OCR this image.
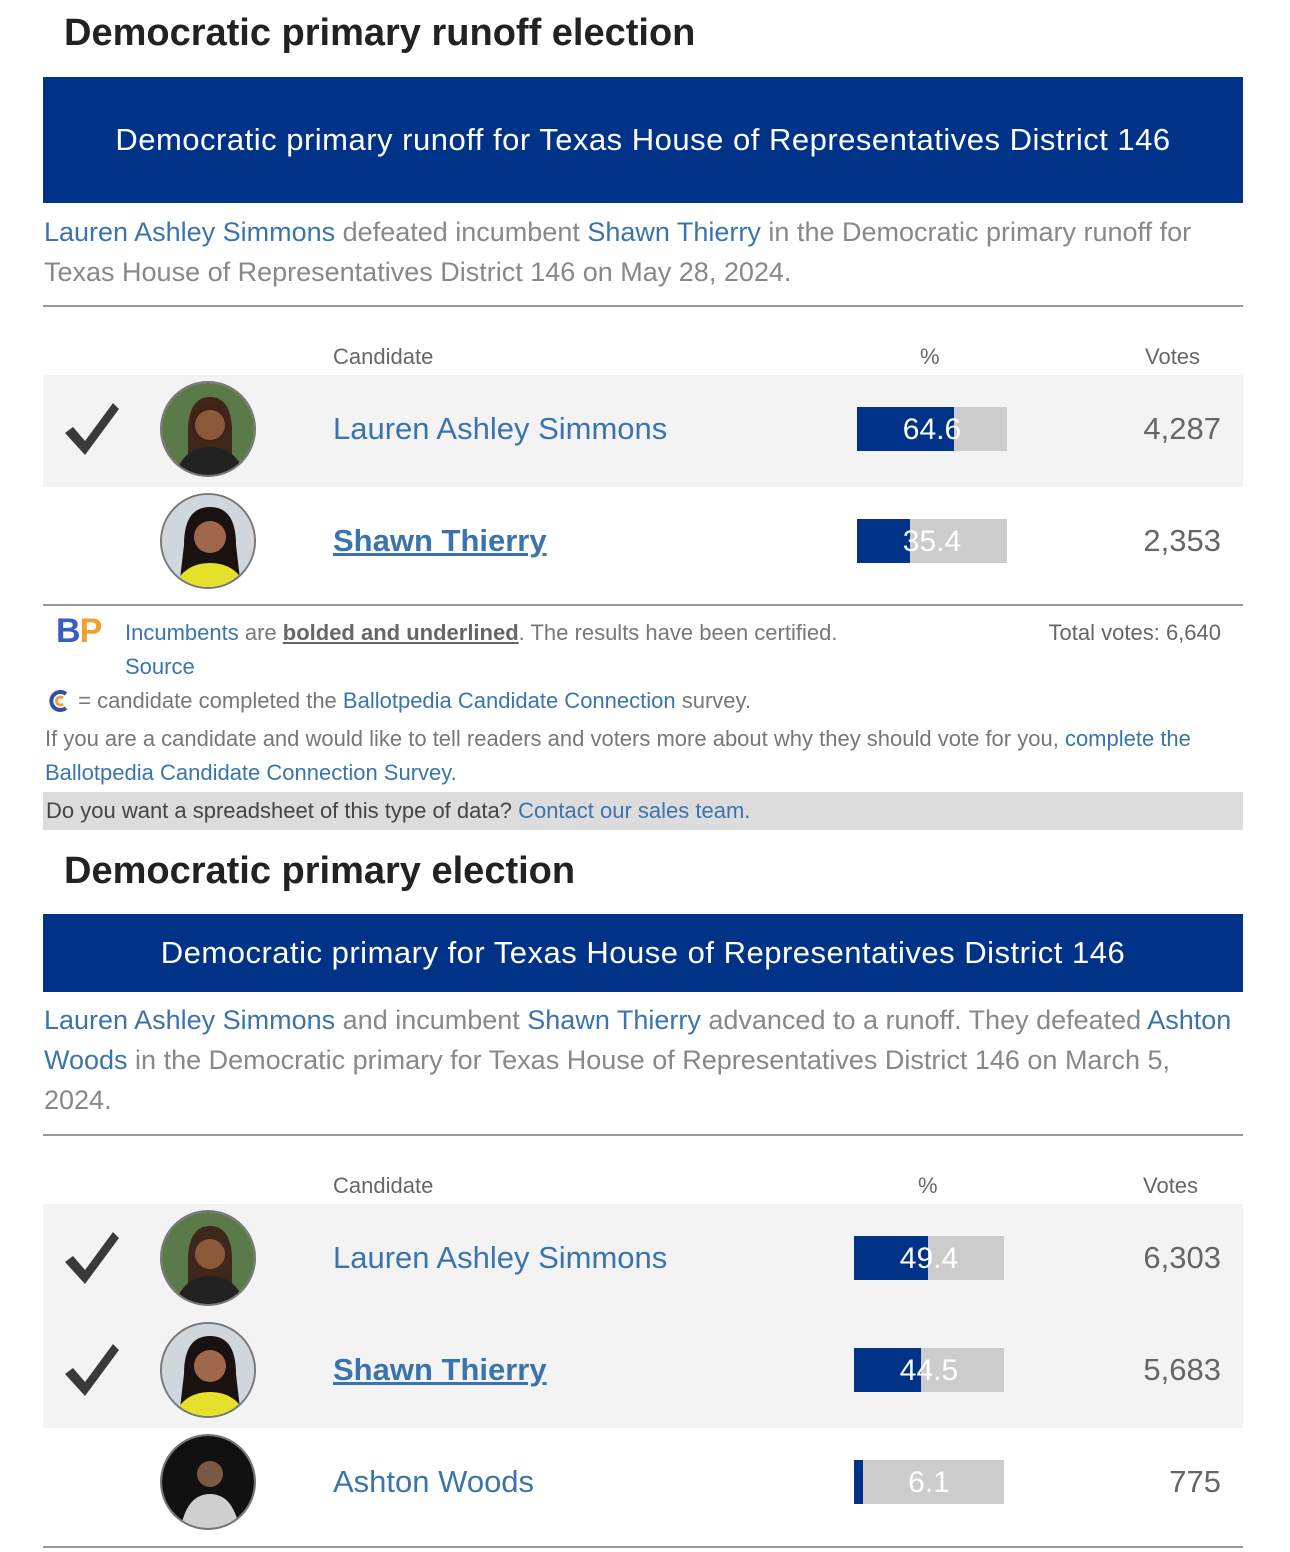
Democratic primary runoff election
Democratic primary runoff for Texas House of Representatives District 146
Lauren Ashley Simmons defeated incumbent Shawn Thierry in the Democratic primary runoff for Texas House of Representatives District 146 on May 28, 2024.
Candidate	%	Votes
Lauren Ashley Simmons	64.6	4,287
Shawn Thierry	35.4	2,353
BP Incumbents are bolded and underlined. The results have been certified. Source
Total votes: 6,640
= candidate completed the Ballotpedia Candidate Connection survey.
If you are a candidate and would like to tell readers and voters more about why they should vote for you, complete the Ballotpedia Candidate Connection Survey.
Do you want a spreadsheet of this type of data? Contact our sales team.
Democratic primary election
Democratic primary for Texas House of Representatives District 146
Lauren Ashley Simmons and incumbent Shawn Thierry advanced to a runoff. They defeated Ashton Woods in the Democratic primary for Texas House of Representatives District 146 on March 5, 2024.
Candidate	%	Votes
Lauren Ashley Simmons	49.4	6,303
Shawn Thierry	44.5	5,683
Ashton Woods	6.1	775
